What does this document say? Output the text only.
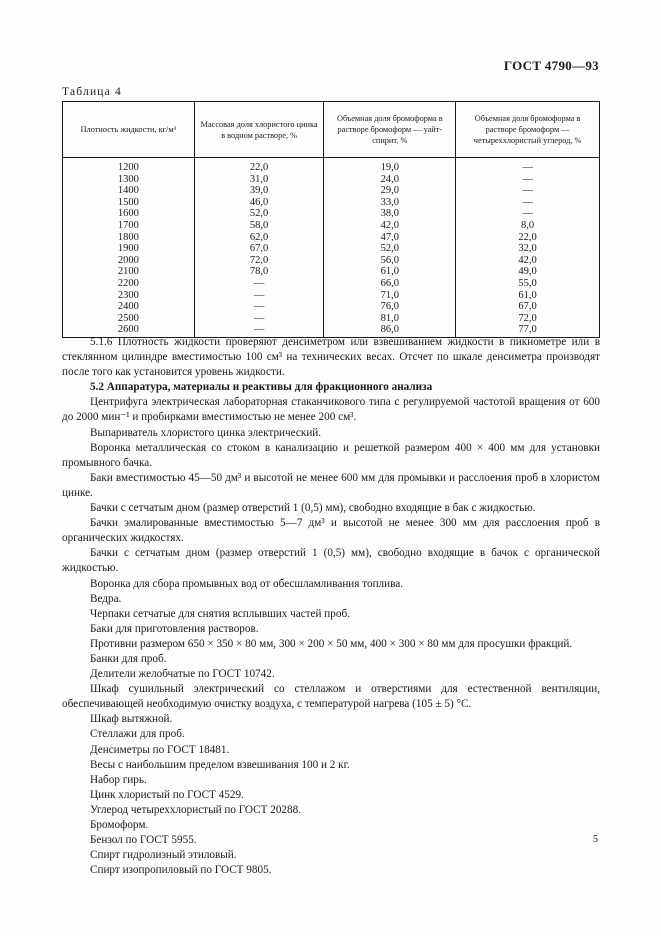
ГОСТ 4790—93
Таблица 4
Плотность жидкости, кг/м³	Массовая доля хлористого цинка в водном растворе, %	Объемная доля бромоформа в растворе бромоформ — уайт-спирит, %	Объемная доля бромоформа в растворе бромоформ — четыреххлористый углерод, %
1200	22,0	19,0	—
1300	31,0	24,0	—
1400	39,0	29,0	—
1500	46,0	33,0	—
1600	52,0	38,0	—
1700	58,0	42,0	8,0
1800	62,0	47,0	22,0
1900	67,0	52,0	32,0
2000	72,0	56,0	42,0
2100	78,0	61,0	49,0
2200	—	66,0	55,0
2300	—	71,0	61,0
2400	—	76,0	67,0
2500	—	81,0	72,0
2600	—	86,0	77,0

5.1.6 Плотность жидкости проверяют денсиметром или взвешиванием жидкости в пикнометре или в стеклянном цилиндре вместимостью 100 см³ на технических весах. Отсчет по шкале денсиметра производят после того как установится уровень жидкости.

5.2 Аппаратура, материалы и реактивы для фракционного анализа

Центрифуга электрическая лабораторная стаканчикового типа с регулируемой частотой вращения от 600 до 2000 мин⁻¹ и пробирками вместимостью не менее 200 см³.

Выпариватель хлористого цинка электрический.

Воронка металлическая со стоком в канализацию и решеткой размером 400 × 400 мм для установки промывного бачка.

Баки вместимостью 45—50 дм³ и высотой не менее 600 мм для промывки и расслоения проб в хлористом цинке.

Бачки с сетчатым дном (размер отверстий 1 (0,5) мм), свободно входящие в бак с жидкостью.

Бачки эмалированные вместимостью 5—7 дм³ и высотой не менее 300 мм для расслоения проб в органических жидкостях.

Бачки с сетчатым дном (размер отверстий 1 (0,5) мм), свободно входящие в бачок с органической жидкостью.

Воронка для сбора промывных вод от обесшламливания топлива.

Ведра.

Черпаки сетчатые для снятия всплывших частей проб.

Баки для приготовления растворов.

Противни размером 650 × 350 × 80 мм, 300 × 200 × 50 мм, 400 × 300 × 80 мм для просушки фракций.

Банки для проб.

Делители желобчатые по ГОСТ 10742.

Шкаф сушильный электрический со стеллажом и отверстиями для естественной вентиляции, обеспечивающей необходимую очистку воздуха, с температурой нагрева (105 ± 5) °С.

Шкаф вытяжной.

Стеллажи для проб.

Денсиметры по ГОСТ 18481.

Весы с наибольшим пределом взвешивания 100 и 2 кг.

Набор гирь.

Цинк хлористый по ГОСТ 4529.

Углерод четыреххлористый по ГОСТ 20288.

Бромоформ.

Бензол по ГОСТ 5955.

Спирт гидролизный этиловый.

Спирт изопропиловый по ГОСТ 9805.

5
